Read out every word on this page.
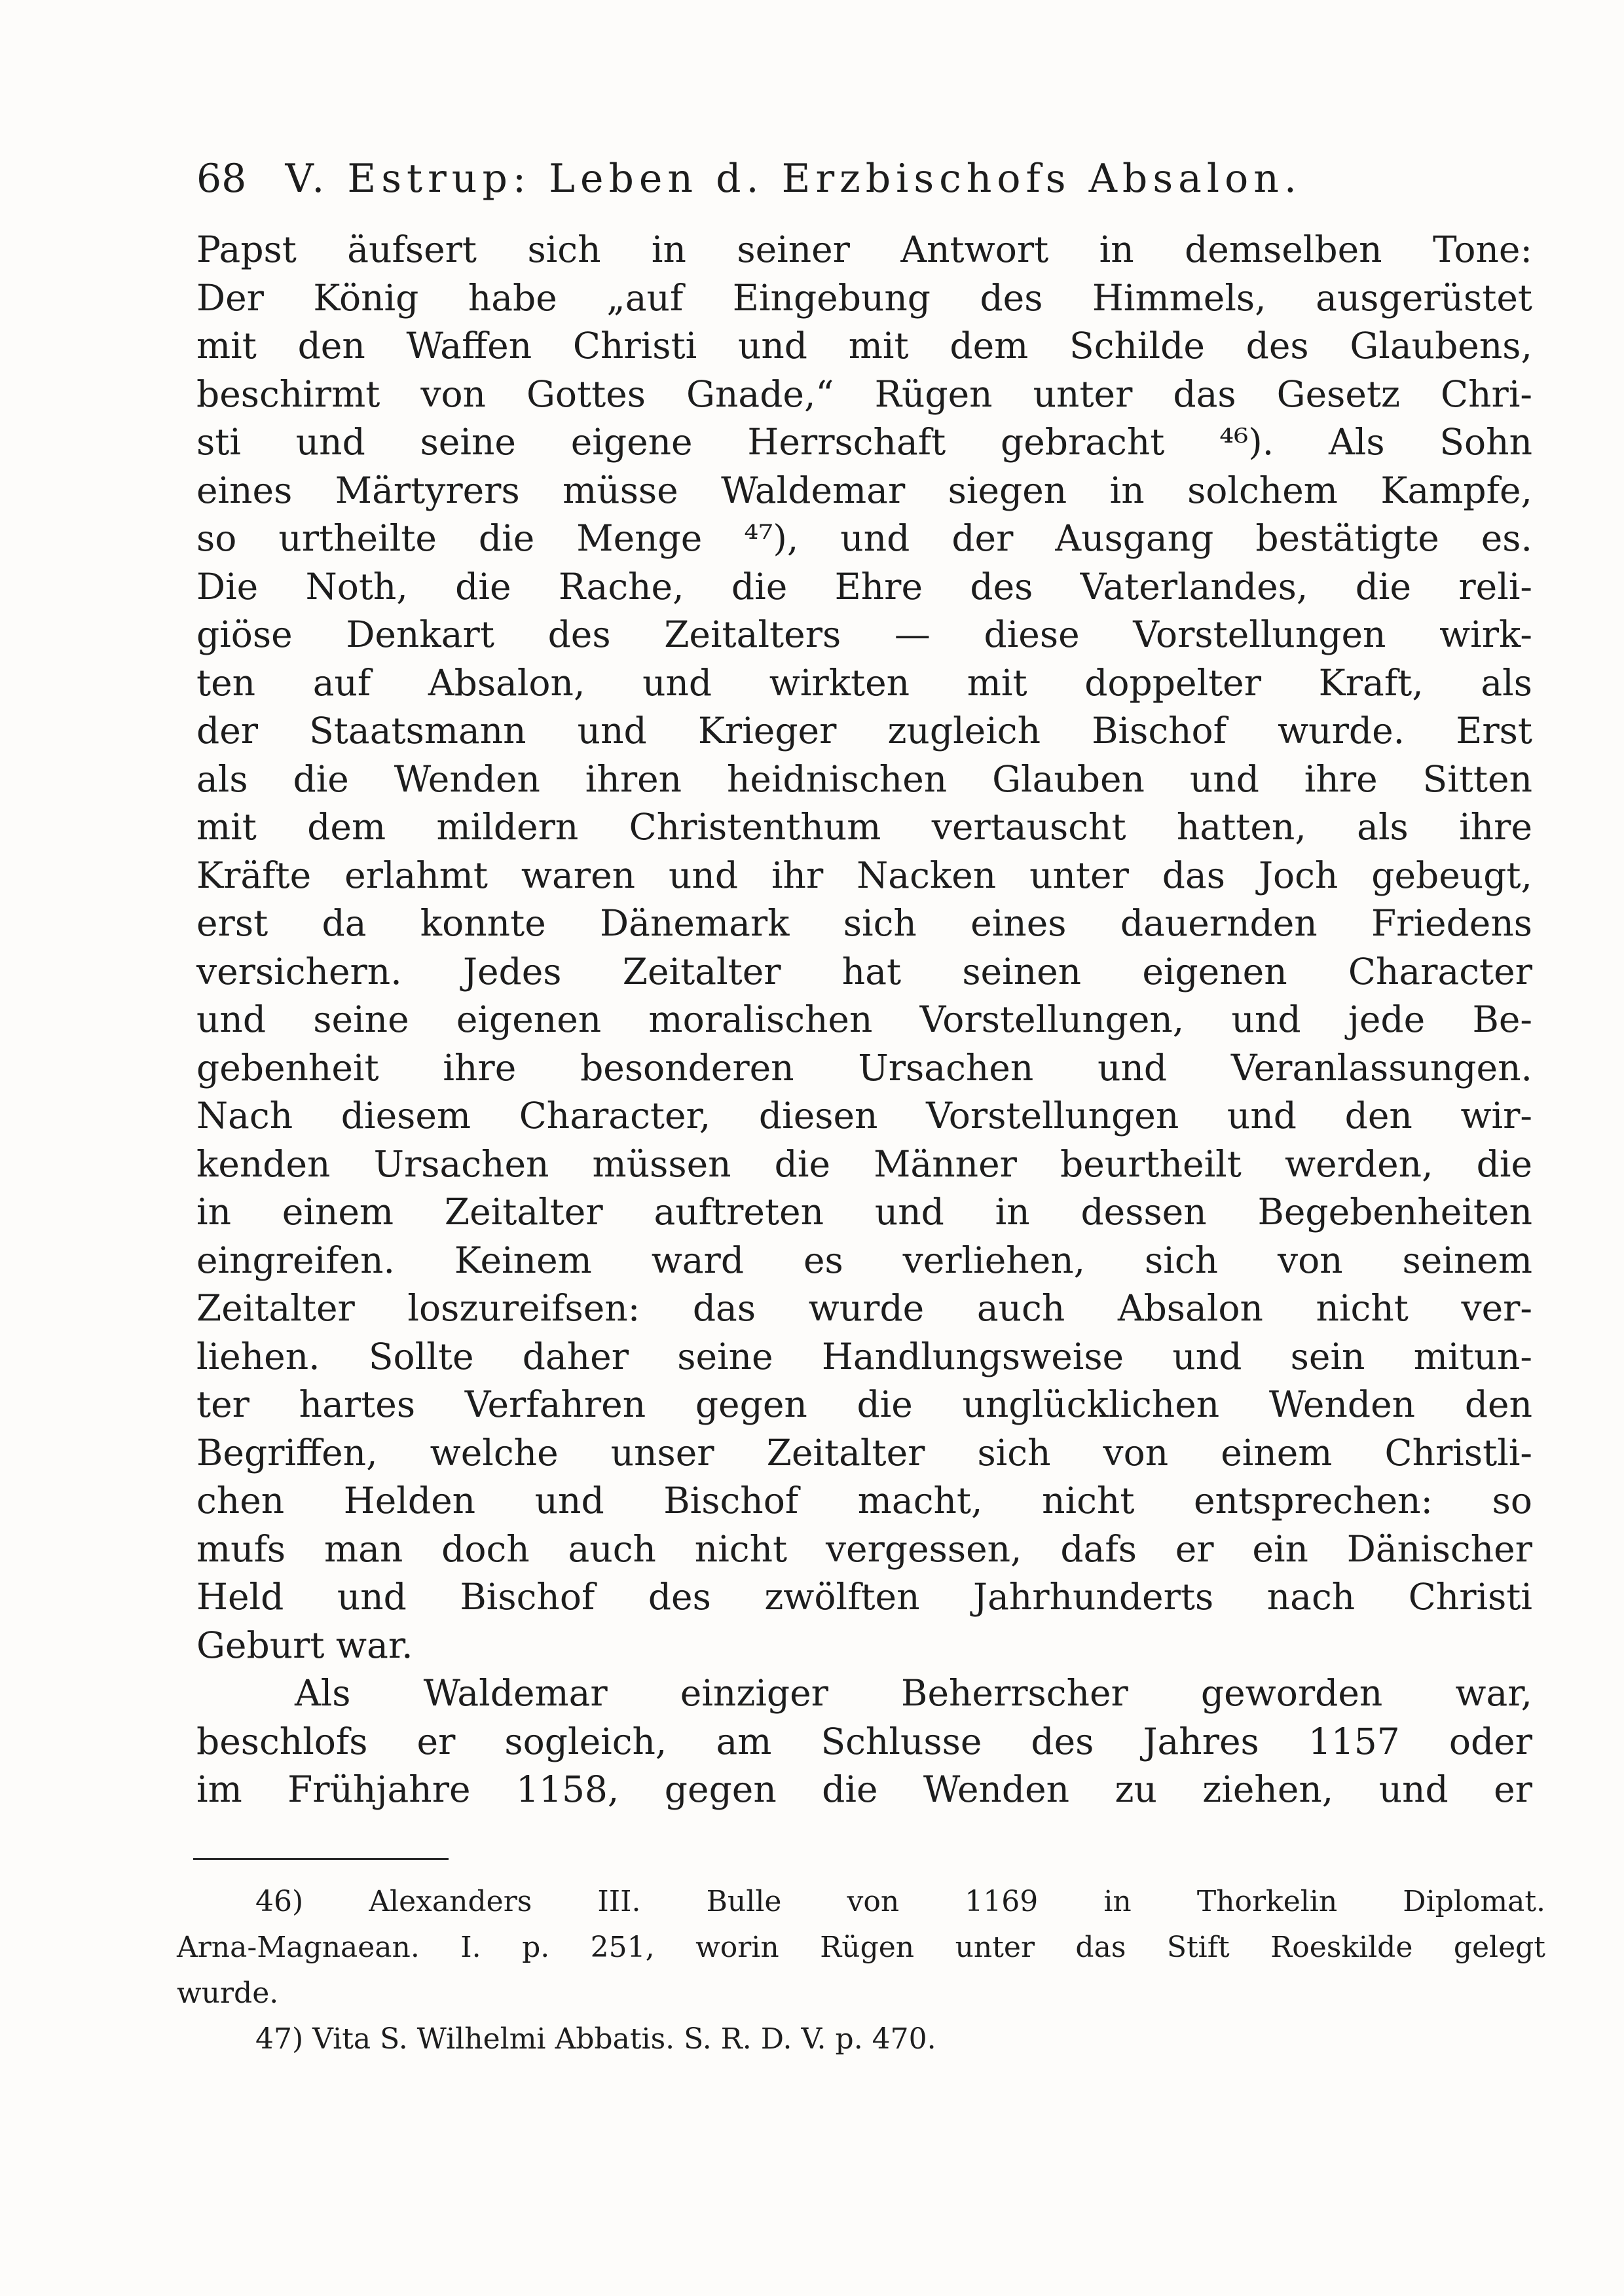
68 V. Estrup: Leben d. Erzbischofs Absalon.
Papst äufsert sich in seiner Antwort in demselben Tone:
Der König habe „auf Eingebung des Himmels, ausgerüstet
mit den Waffen Christi und mit dem Schilde des Glaubens,
beschirmt von Gottes Gnade,“ Rügen unter das Gesetz Chri-
sti und seine eigene Herrschaft gebracht ⁴⁶). Als Sohn
eines Märtyrers müsse Waldemar siegen in solchem Kampfe,
so urtheilte die Menge ⁴⁷), und der Ausgang bestätigte es.
Die Noth, die Rache, die Ehre des Vaterlandes, die reli-
giöse Denkart des Zeitalters — diese Vorstellungen wirk-
ten auf Absalon, und wirkten mit doppelter Kraft, als
der Staatsmann und Krieger zugleich Bischof wurde. Erst
als die Wenden ihren heidnischen Glauben und ihre Sitten
mit dem mildern Christenthum vertauscht hatten, als ihre
Kräfte erlahmt waren und ihr Nacken unter das Joch gebeugt,
erst da konnte Dänemark sich eines dauernden Friedens
versichern. Jedes Zeitalter hat seinen eigenen Character
und seine eigenen moralischen Vorstellungen, und jede Be-
gebenheit ihre besonderen Ursachen und Veranlassungen.
Nach diesem Character, diesen Vorstellungen und den wir-
kenden Ursachen müssen die Männer beurtheilt werden, die
in einem Zeitalter auftreten und in dessen Begebenheiten
eingreifen. Keinem ward es verliehen, sich von seinem
Zeitalter loszureifsen: das wurde auch Absalon nicht ver-
liehen. Sollte daher seine Handlungsweise und sein mitun-
ter hartes Verfahren gegen die unglücklichen Wenden den
Begriffen, welche unser Zeitalter sich von einem Christli-
chen Helden und Bischof macht, nicht entsprechen: so
mufs man doch auch nicht vergessen, dafs er ein Dänischer
Held und Bischof des zwölften Jahrhunderts nach Christi
Geburt war.
Als Waldemar einziger Beherrscher geworden war,
beschlofs er sogleich, am Schlusse des Jahres 1157 oder
im Frühjahre 1158, gegen die Wenden zu ziehen, und er
46) Alexanders III. Bulle von 1169 in Thorkelin Diplomat.
Arna-Magnaean. I. p. 251, worin Rügen unter das Stift Roeskilde gelegt
wurde.
47) Vita S. Wilhelmi Abbatis. S. R. D. V. p. 470.
